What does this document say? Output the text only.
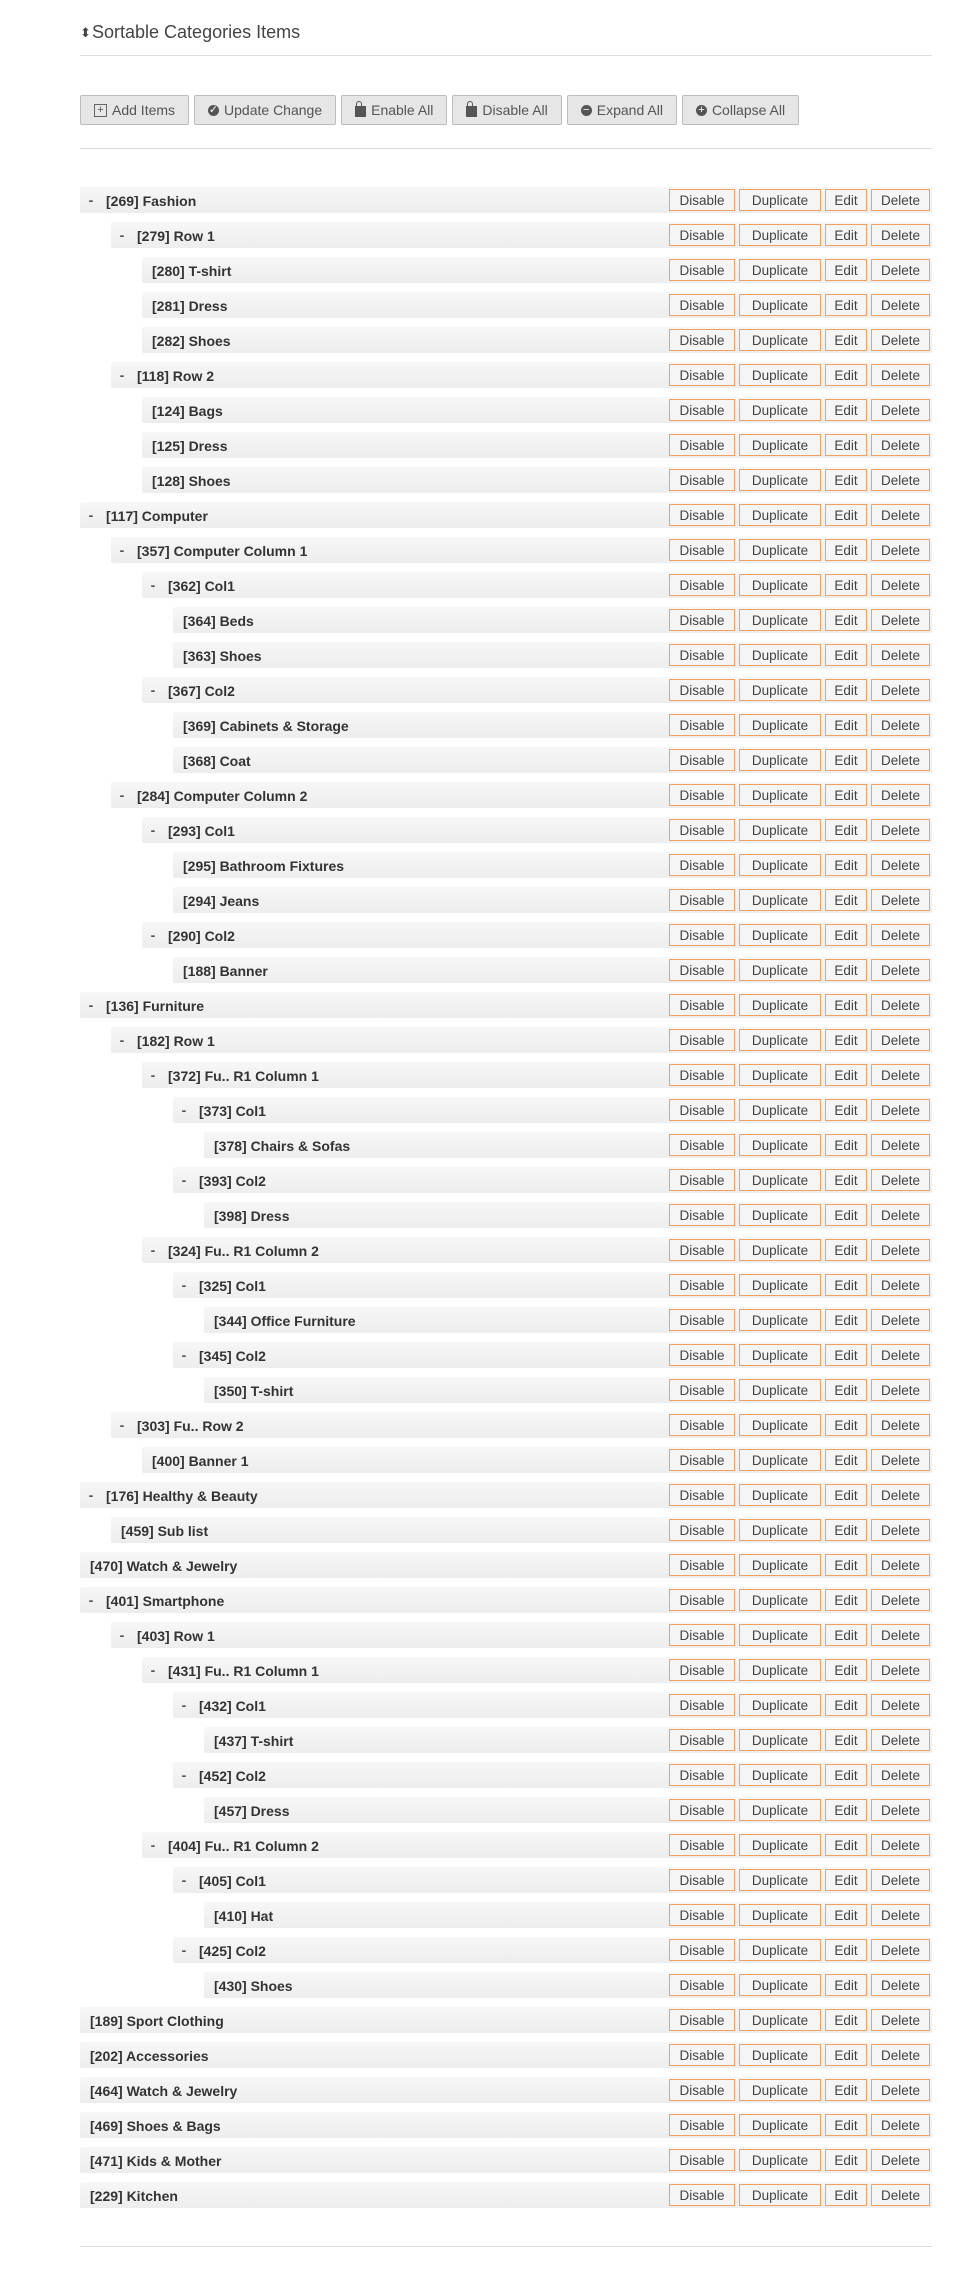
⬍ Sortable Categories Items
+ Add Items	✓ Update Change	Enable All	Disable All	− Expand All	+ Collapse All
- [269] Fashion	Disable	Duplicate	Edit	Delete
- [279] Row 1	Disable	Duplicate	Edit	Delete
[280] T-shirt	Disable	Duplicate	Edit	Delete
[281] Dress	Disable	Duplicate	Edit	Delete
[282] Shoes	Disable	Duplicate	Edit	Delete
- [118] Row 2	Disable	Duplicate	Edit	Delete
[124] Bags	Disable	Duplicate	Edit	Delete
[125] Dress	Disable	Duplicate	Edit	Delete
[128] Shoes	Disable	Duplicate	Edit	Delete
- [117] Computer	Disable	Duplicate	Edit	Delete
- [357] Computer Column 1	Disable	Duplicate	Edit	Delete
- [362] Col1	Disable	Duplicate	Edit	Delete
[364] Beds	Disable	Duplicate	Edit	Delete
[363] Shoes	Disable	Duplicate	Edit	Delete
- [367] Col2	Disable	Duplicate	Edit	Delete
[369] Cabinets & Storage	Disable	Duplicate	Edit	Delete
[368] Coat	Disable	Duplicate	Edit	Delete
- [284] Computer Column 2	Disable	Duplicate	Edit	Delete
- [293] Col1	Disable	Duplicate	Edit	Delete
[295] Bathroom Fixtures	Disable	Duplicate	Edit	Delete
[294] Jeans	Disable	Duplicate	Edit	Delete
- [290] Col2	Disable	Duplicate	Edit	Delete
[188] Banner	Disable	Duplicate	Edit	Delete
- [136] Furniture	Disable	Duplicate	Edit	Delete
- [182] Row 1	Disable	Duplicate	Edit	Delete
- [372] Fu.. R1 Column 1	Disable	Duplicate	Edit	Delete
- [373] Col1	Disable	Duplicate	Edit	Delete
[378] Chairs & Sofas	Disable	Duplicate	Edit	Delete
- [393] Col2	Disable	Duplicate	Edit	Delete
[398] Dress	Disable	Duplicate	Edit	Delete
- [324] Fu.. R1 Column 2	Disable	Duplicate	Edit	Delete
- [325] Col1	Disable	Duplicate	Edit	Delete
[344] Office Furniture	Disable	Duplicate	Edit	Delete
- [345] Col2	Disable	Duplicate	Edit	Delete
[350] T-shirt	Disable	Duplicate	Edit	Delete
- [303] Fu.. Row 2	Disable	Duplicate	Edit	Delete
[400] Banner 1	Disable	Duplicate	Edit	Delete
- [176] Healthy & Beauty	Disable	Duplicate	Edit	Delete
[459] Sub list	Disable	Duplicate	Edit	Delete
[470] Watch & Jewelry	Disable	Duplicate	Edit	Delete
- [401] Smartphone	Disable	Duplicate	Edit	Delete
- [403] Row 1	Disable	Duplicate	Edit	Delete
- [431] Fu.. R1 Column 1	Disable	Duplicate	Edit	Delete
- [432] Col1	Disable	Duplicate	Edit	Delete
[437] T-shirt	Disable	Duplicate	Edit	Delete
- [452] Col2	Disable	Duplicate	Edit	Delete
[457] Dress	Disable	Duplicate	Edit	Delete
- [404] Fu.. R1 Column 2	Disable	Duplicate	Edit	Delete
- [405] Col1	Disable	Duplicate	Edit	Delete
[410] Hat	Disable	Duplicate	Edit	Delete
- [425] Col2	Disable	Duplicate	Edit	Delete
[430] Shoes	Disable	Duplicate	Edit	Delete
[189] Sport Clothing	Disable	Duplicate	Edit	Delete
[202] Accessories	Disable	Duplicate	Edit	Delete
[464] Watch & Jewelry	Disable	Duplicate	Edit	Delete
[469] Shoes & Bags	Disable	Duplicate	Edit	Delete
[471] Kids & Mother	Disable	Duplicate	Edit	Delete
[229] Kitchen	Disable	Duplicate	Edit	Delete
